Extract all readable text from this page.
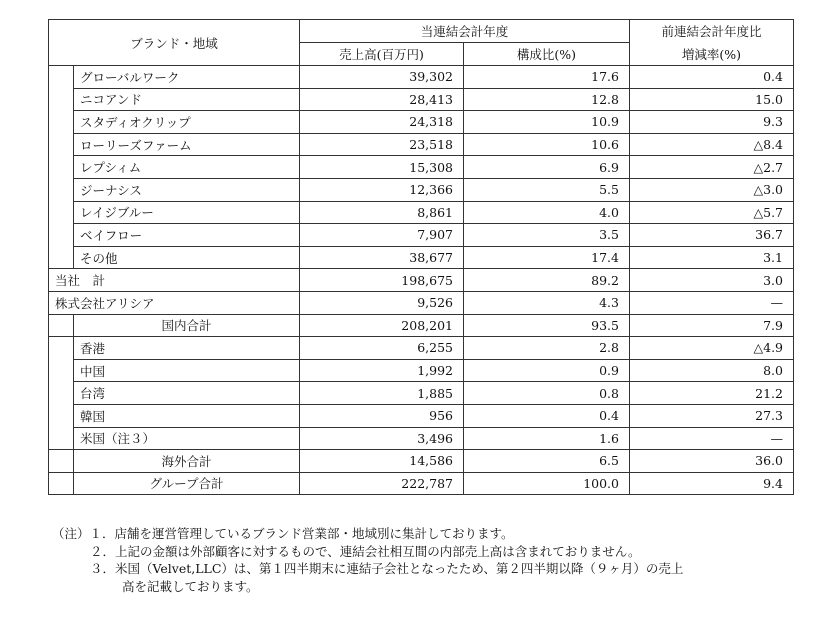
ブランド・地域		当連結会計年度		前連結会計年度比
		売上高(百万円)	構成比(%)	増減率(%)
	グローバルワーク	39,302	17.6	0.4
	ニコアンド	28,413	12.8	15.0
	スタディオクリップ	24,318	10.9	9.3
	ローリーズファーム	23,518	10.6	△8.4
	レプシィム	15,308	6.9	△2.7
	ジーナシス	12,366	5.5	△3.0
	レイジブルー	8,861	4.0	△5.7
	ベイフロー	7,907	3.5	36.7
	その他	38,677	17.4	3.1
当社　計		198,675	89.2	3.0
株式会社アリシア		9,526	4.3	—
	国内合計	208,201	93.5	7.9
	香港	6,255	2.8	△4.9
	中国	1,992	0.9	8.0
	台湾	1,885	0.8	21.2
	韓国	956	0.4	27.3
	米国（注３）	3,496	1.6	—
	海外合計	14,586	6.5	36.0
	グループ合計	222,787	100.0	9.4
（注）１．店舗を運営管理しているブランド営業部・地域別に集計しております。
２．上記の金額は外部顧客に対するもので、連結会社相互間の内部売上高は含まれておりません。
３．米国（Velvet,LLC）は、第１四半期末に連結子会社となったため、第２四半期以降（９ヶ月）の売上
高を記載しております。
